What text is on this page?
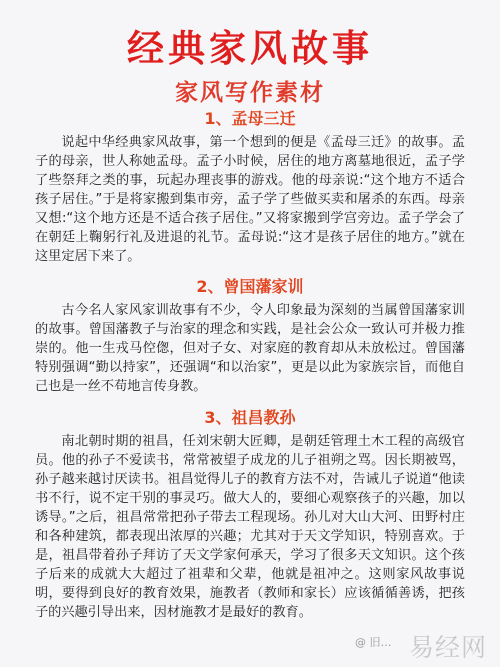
经典家风故事
家风写作素材
1、孟母三迁

说起中华经典家风故事，第一个想到的便是《孟母三迁》的故事。孟子的母亲，世人称她孟母。孟子小时候，居住的地方离墓地很近，孟子学了些祭拜之类的事，玩起办理丧事的游戏。他的母亲说:“这个地方不适合孩子居住。”于是将家搬到集市旁，孟子学了些做买卖和屠杀的东西。母亲又想:“这个地方还是不适合孩子居住。”又将家搬到学宫旁边。孟子学会了在朝廷上鞠躬行礼及进退的礼节。孟母说:“这才是孩子居住的地方。”就在这里定居下来了。

2、曾国藩家训

古今名人家风家训故事有不少，令人印象最为深刻的当属曾国藩家训的故事。曾国藩教子与治家的理念和实践，是社会公众一致认可并极力推崇的。他一生戎马倥偬，但对子女、对家庭的教育却从未放松过。曾国藩特别强调“勤以持家”，还强调“和以治家”，更是以此为家族宗旨，而他自己也是一丝不苟地言传身教。

3、祖昌教孙

南北朝时期的祖昌，任刘宋朝大匠卿，是朝廷管理土木工程的高级官员。他的孙子不爱读书，常常被望子成龙的儿子祖朔之骂。因长期被骂，孙子越来越讨厌读书。祖昌觉得儿子的教育方法不对，告诫儿子说道“他读书不行，说不定干别的事灵巧。做大人的，要细心观察孩子的兴趣，加以诱导。”之后，祖昌常常把孙子带去工程现场。孙儿对大山大河、田野村庄和各种建筑，都表现出浓厚的兴趣；尤其对于天文学知识，特别喜欢。于是，祖昌带着孙子拜访了天文学家何承天，学习了很多天文知识。这个孩子后来的成就大大超过了祖辈和父辈，他就是祖冲之。这则家风故事说明，要得到良好的教育效果，施教者（教师和家长）应该循循善诱，把孩子的兴趣引导出来，因材施教才是最好的教育。

@ 旧… 易经网
